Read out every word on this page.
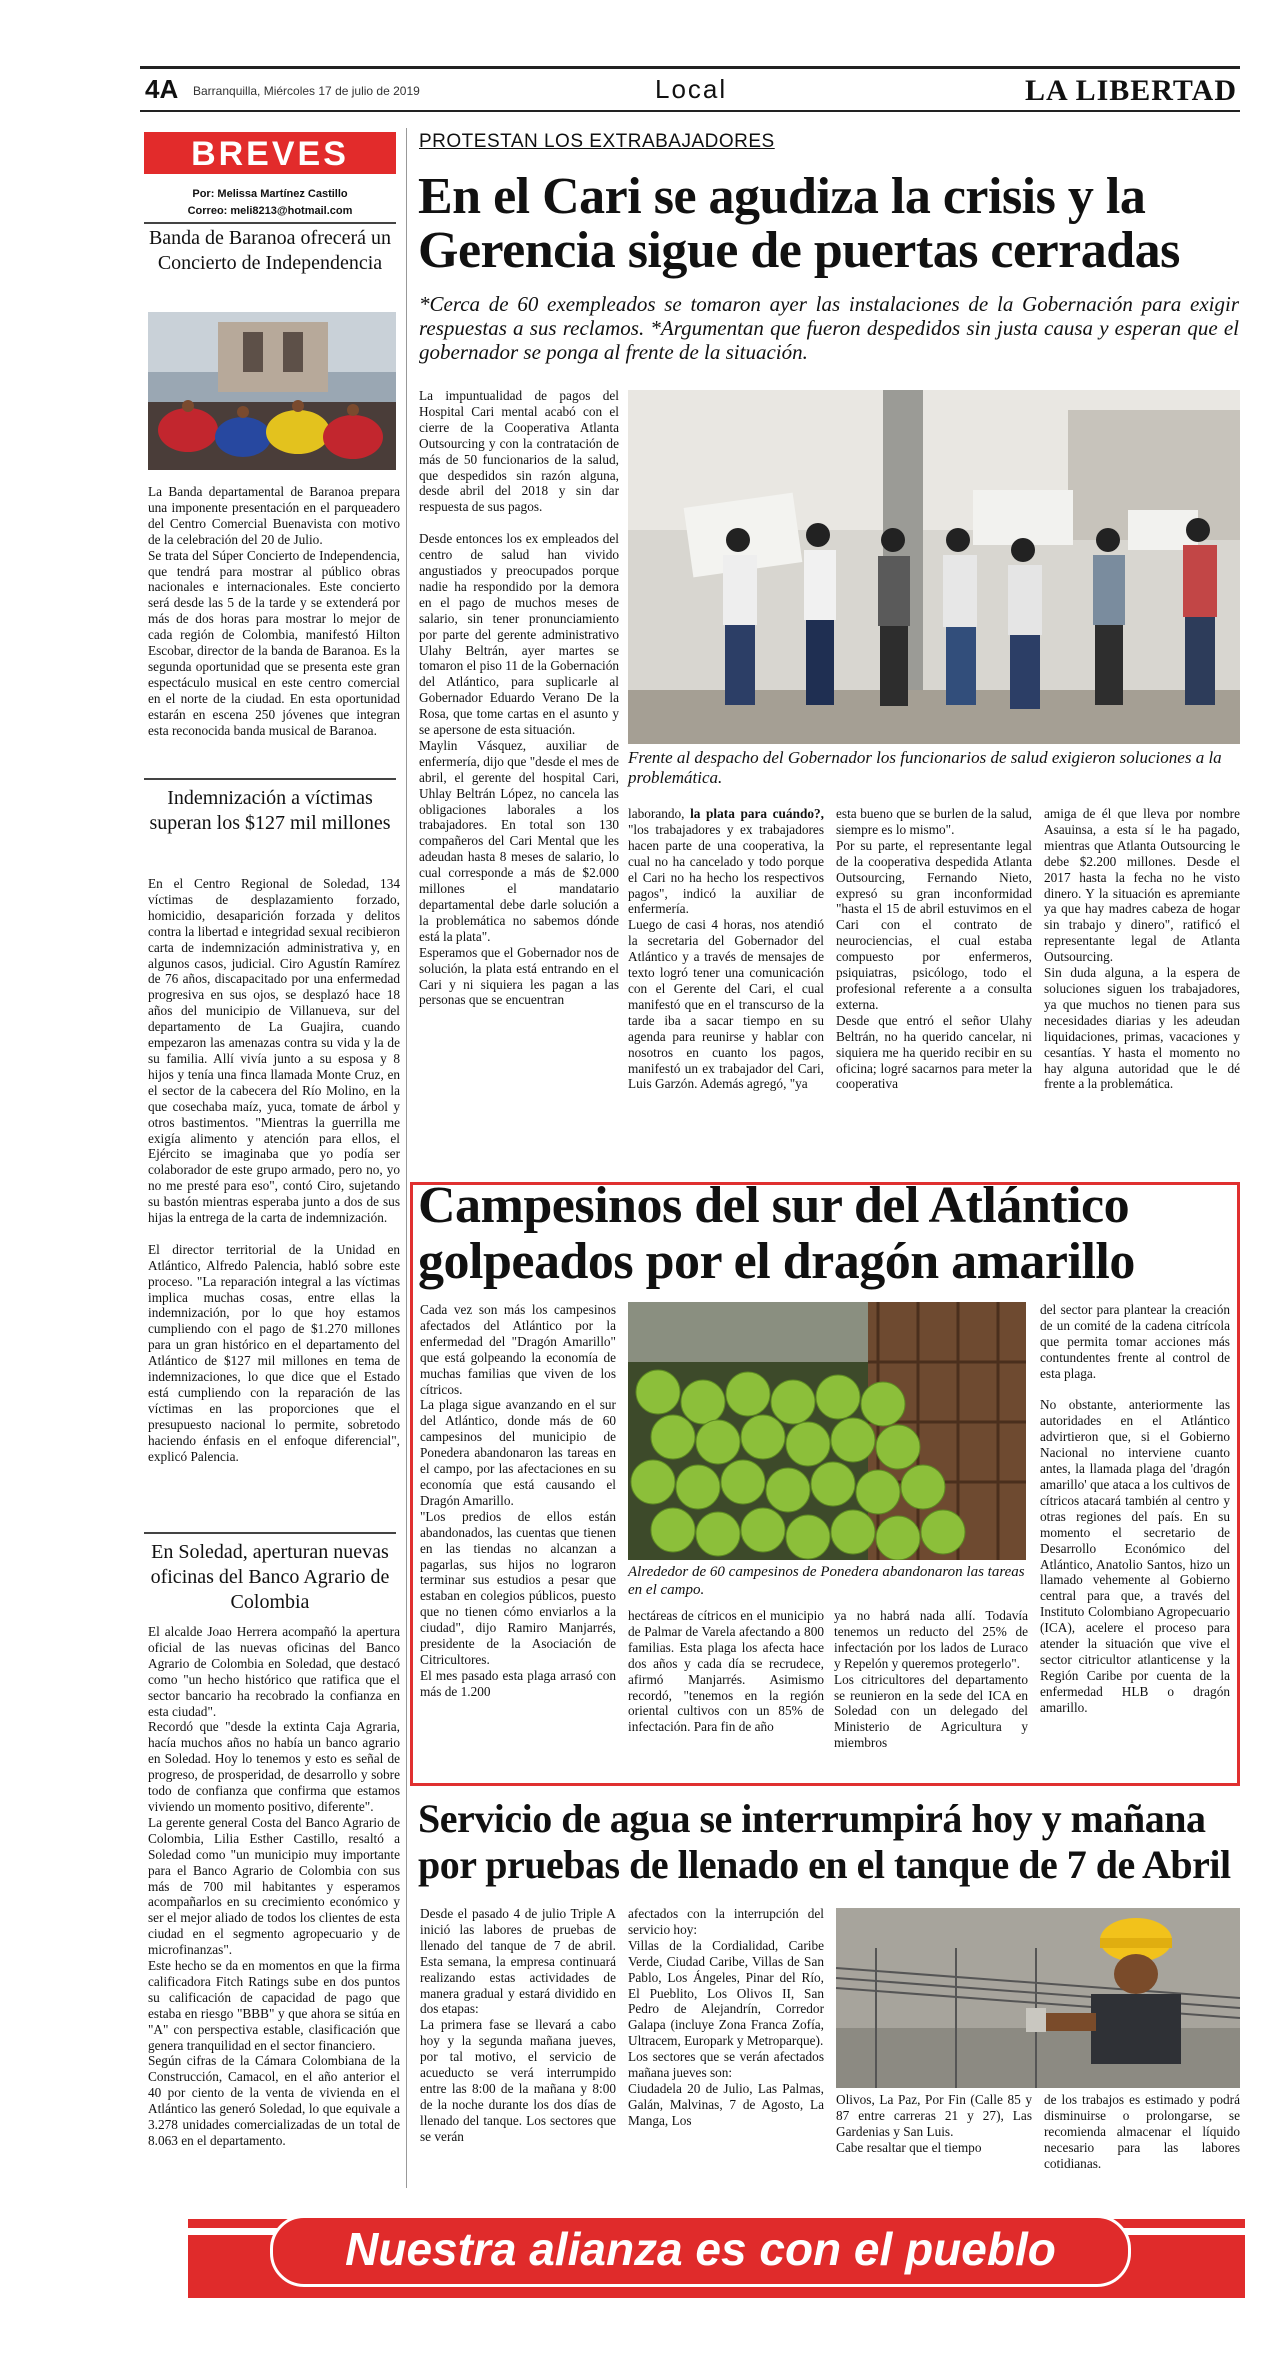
4A Barranquilla, Miércoles 17 de julio de 2019	Local	LA LIBERTAD
BREVES
Por: Melissa Martínez Castillo
Correo: meli8213@hotmail.com
Banda de Baranoa ofrecerá un Concierto de Independencia
La Banda departamental de Baranoa prepara una imponente presentación en el parqueadero del Centro Comercial Buenavista con motivo de la celebración del 20 de Julio.
Se trata del Súper Concierto de Independencia, que tendrá para mostrar al público obras nacionales e internacionales. Este concierto será desde las 5 de la tarde y se extenderá por más de dos horas para mostrar lo mejor de cada región de Colombia, manifestó Hilton Escobar, director de la banda de Baranoa. Es la segunda oportunidad que se presenta este gran espectáculo musical en este centro comercial en el norte de la ciudad. En esta oportunidad estarán en escena 250 jóvenes que integran esta reconocida banda musical de Baranoa.
Indemnización a víctimas superan los $127 mil millones
En el Centro Regional de Soledad, 134 víctimas de desplazamiento forzado, homicidio, desaparición forzada y delitos contra la libertad e integridad sexual recibieron carta de indemnización administrativa y, en algunos casos, judicial. Ciro Agustín Ramírez de 76 años, discapacitado por una enfermedad progresiva en sus ojos, se desplazó hace 18 años del municipio de Villanueva, sur del departamento de La Guajira, cuando empezaron las amenazas contra su vida y la de su familia. Allí vivía junto a su esposa y 8 hijos y tenía una finca llamada Monte Cruz, en el sector de la cabecera del Río Molino, en la que cosechaba maíz, yuca, tomate de árbol y otros bastimentos. "Mientras la guerrilla me exigía alimento y atención para ellos, el Ejército se imaginaba que yo podía ser colaborador de este grupo armado, pero no, yo no me presté para eso", contó Ciro, sujetando su bastón mientras esperaba junto a dos de sus hijas la entrega de la carta de indemnización.

El director territorial de la Unidad en Atlántico, Alfredo Palencia, habló sobre este proceso. "La reparación integral a las víctimas implica muchas cosas, entre ellas la indemnización, por lo que hoy estamos cumpliendo con el pago de $1.270 millones para un gran histórico en el departamento del Atlántico de $127 mil millones en tema de indemnizaciones, lo que dice que el Estado está cumpliendo con la reparación de las víctimas en las proporciones que el presupuesto nacional lo permite, sobretodo haciendo énfasis en el enfoque diferencial", explicó Palencia.
En Soledad, aperturan nuevas oficinas del Banco Agrario de Colombia
El alcalde Joao Herrera acompañó la apertura oficial de las nuevas oficinas del Banco Agrario de Colombia en Soledad, que destacó como "un hecho histórico que ratifica que el sector bancario ha recobrado la confianza en esta ciudad".
Recordó que "desde la extinta Caja Agraria, hacía muchos años no había un banco agrario en Soledad. Hoy lo tenemos y esto es señal de progreso, de prosperidad, de desarrollo y sobre todo de confianza que confirma que estamos viviendo un momento positivo, diferente".
La gerente general Costa del Banco Agrario de Colombia, Lilia Esther Castillo, resaltó a Soledad como "un municipio muy importante para el Banco Agrario de Colombia con sus más de 700 mil habitantes y esperamos acompañarlos en su crecimiento económico y ser el mejor aliado de todos los clientes de esta ciudad en el segmento agropecuario y de microfinanzas".
Este hecho se da en momentos en que la firma calificadora Fitch Ratings sube en dos puntos su calificación de capacidad de pago que estaba en riesgo "BBB" y que ahora se sitúa en "A" con perspectiva estable, clasificación que genera tranquilidad en el sector financiero.
Según cifras de la Cámara Colombiana de la Construcción, Camacol, en el año anterior el 40 por ciento de la venta de vivienda en el Atlántico las generó Soledad, lo que equivale a 3.278 unidades comercializadas de un total de 8.063 en el departamento.
PROTESTAN LOS EXTRABAJADORES
En el Cari se agudiza la crisis y la Gerencia sigue de puertas cerradas
*Cerca de 60 exempleados se tomaron ayer las instalaciones de la Gobernación para exigir respuestas a sus reclamos. *Argumentan que fueron despedidos sin justa causa y esperan que el gobernador se ponga al frente de la situación.
La impuntualidad de pagos del Hospital Cari mental acabó con el cierre de la Cooperativa Atlanta Outsourcing y con la contratación de más de 50 funcionarios de la salud, que despedidos sin razón alguna, desde abril del 2018 y sin dar respuesta de sus pagos.

Desde entonces los ex empleados del centro de salud han vivido angustiados y preocupados porque nadie ha respondido por la demora en el pago de muchos meses de salario, sin tener pronunciamiento por parte del gerente administrativo Ulahy Beltrán, ayer martes se tomaron el piso 11 de la Gobernación del Atlántico, para suplicarle al Gobernador Eduardo Verano De la Rosa, que tome cartas en el asunto y se apersone de esta situación.
Maylin Vásquez, auxiliar de enfermería, dijo que "desde el mes de abril, el gerente del hospital Cari, Uhlay Beltrán López, no cancela las obligaciones laborales a los trabajadores. En total son 130 compañeros del Cari Mental que les adeudan hasta 8 meses de salario, lo cual corresponde a más de $2.000 millones el mandatario departamental debe darle solución a la problemática no sabemos dónde está la plata".
Esperamos que el Gobernador nos de solución, la plata está entrando en el Cari y ni siquiera les pagan a las personas que se encuentran
Frente al despacho del Gobernador los funcionarios de salud exigieron soluciones a la problemática.
laborando, la plata para cuándo?, "los trabajadores y ex trabajadores hacen parte de una cooperativa, la cual no ha cancelado y todo porque el Cari no ha hecho los respectivos pagos", indicó la auxiliar de enfermería.
Luego de casi 4 horas, nos atendió la secretaria del Gobernador del Atlántico y a través de mensajes de texto logró tener una comunicación con el Gerente del Cari, el cual manifestó que en el transcurso de la tarde iba a sacar tiempo en su agenda para reunirse y hablar con nosotros en cuanto los pagos, manifestó un ex trabajador del Cari, Luis Garzón. Además agregó, "ya
esta bueno que se burlen de la salud, siempre es lo mismo".
Por su parte, el representante legal de la cooperativa despedida Atlanta Outsourcing, Fernando Nieto, expresó su gran inconformidad "hasta el 15 de abril estuvimos en el Cari con el contrato de neurociencias, el cual estaba compuesto por enfermeros, psiquiatras, psicólogo, todo el profesional referente a a consulta externa.
Desde que entró el señor Ulahy Beltrán, no ha querido cancelar, ni siquiera me ha querido recibir en su oficina; logré sacarnos para meter la cooperativa
amiga de él que lleva por nombre Asauinsa, a esta sí le ha pagado, mientras que Atlanta Outsourcing le debe $2.200 millones. Desde el 2017 hasta la fecha no he visto dinero. Y la situación es apremiante ya que hay madres cabeza de hogar sin trabajo y dinero", ratificó el representante legal de Atlanta Outsourcing.
Sin duda alguna, a la espera de soluciones siguen los trabajadores, ya que muchos no tienen para sus necesidades diarias y les adeudan liquidaciones, primas, vacaciones y cesantías. Y hasta el momento no hay alguna autoridad que le dé frente a la problemática.
Campesinos del sur del Atlántico golpeados por el dragón amarillo
Cada vez son más los campesinos afectados del Atlántico por la enfermedad del "Dragón Amarillo" que está golpeando la economía de muchas familias que viven de los cítricos.
La plaga sigue avanzando en el sur del Atlántico, donde más de 60 campesinos del municipio de Ponedera abandonaron las tareas en el campo, por las afectaciones en su economía que está causando el Dragón Amarillo.
"Los predios de ellos están abandonados, las cuentas que tienen en las tiendas no alcanzan a pagarlas, sus hijos no lograron terminar sus estudios a pesar que estaban en colegios públicos, puesto que no tienen cómo enviarlos a la ciudad", dijo Ramiro Manjarrés, presidente de la Asociación de Citricultores.
El mes pasado esta plaga arrasó con más de 1.200
Alrededor de 60 campesinos de Ponedera abandonaron las tareas en el campo.
hectáreas de cítricos en el municipio de Palmar de Varela afectando a 800 familias. Esta plaga los afecta hace dos años y cada día se recrudece, afirmó Manjarrés. Asimismo recordó, "tenemos en la región oriental cultivos con un 85% de infectación. Para fin de año
ya no habrá nada allí. Todavía tenemos un reducto del 25% de infectación por los lados de Luraco y Repelón y queremos protegerlo".
Los citricultores del departamento se reunieron en la sede del ICA en Soledad con un delegado del Ministerio de Agricultura y miembros
del sector para plantear la creación de un comité de la cadena citrícola que permita tomar acciones más contundentes frente al control de esta plaga.

No obstante, anteriormente las autoridades en el Atlántico advirtieron que, si el Gobierno Nacional no interviene cuanto antes, la llamada plaga del 'dragón amarillo' que ataca a los cultivos de cítricos atacará también al centro y otras regiones del país. En su momento el secretario de Desarrollo Económico del Atlántico, Anatolio Santos, hizo un llamado vehemente al Gobierno central para que, a través del Instituto Colombiano Agropecuario (ICA), acelere el proceso para atender la situación que vive el sector citricultor atlanticense y la Región Caribe por cuenta de la enfermedad HLB o dragón amarillo.
Servicio de agua se interrumpirá hoy y mañana por pruebas de llenado en el tanque de 7 de Abril
Desde el pasado 4 de julio Triple A inició las labores de pruebas de llenado del tanque de 7 de abril. Esta semana, la empresa continuará realizando estas actividades de manera gradual y estará dividido en dos etapas:
La primera fase se llevará a cabo hoy y la segunda mañana jueves, por tal motivo, el servicio de acueducto se verá interrumpido entre las 8:00 de la mañana y 8:00 de la noche durante los dos días de llenado del tanque. Los sectores que se verán
afectados con la interrupción del servicio hoy:
Villas de la Cordialidad, Caribe Verde, Ciudad Caribe, Villas de San Pablo, Los Ángeles, Pinar del Río, El Pueblito, Los Olivos II, San Pedro de Alejandrín, Corredor Galapa (incluye Zona Franca Zofía, Ultracem, Europark y Metroparque).
Los sectores que se verán afectados mañana jueves son:
Ciudadela 20 de Julio, Las Palmas, Galán, Malvinas, 7 de Agosto, La Manga, Los
Olivos, La Paz, Por Fin (Calle 85 y 87 entre carreras 21 y 27), Las Gardenias y San Luis.
Cabe resaltar que el tiempo
de los trabajos es estimado y podrá disminuirse o prolongarse, se recomienda almacenar el líquido necesario para las labores cotidianas.
Nuestra alianza es con el pueblo
